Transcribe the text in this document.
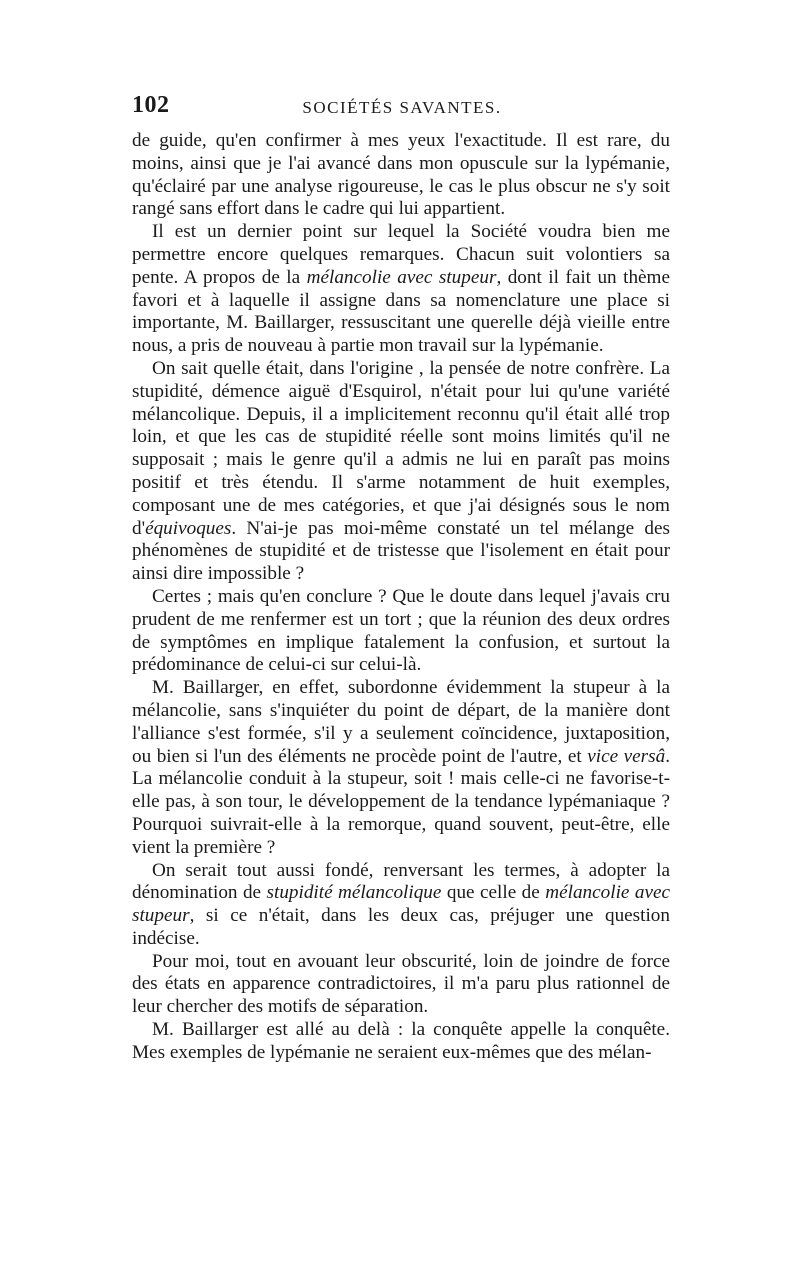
102	SOCIÉTÉS SAVANTES.

de guide, qu'en confirmer à mes yeux l'exactitude. Il est rare, du moins, ainsi que je l'ai avancé dans mon opuscule sur la lypémanie, qu'éclairé par une analyse rigoureuse, le cas le plus obscur ne s'y soit rangé sans effort dans le cadre qui lui appartient.

Il est un dernier point sur lequel la Société voudra bien me permettre encore quelques remarques. Chacun suit volontiers sa pente. A propos de la mélancolie avec stupeur, dont il fait un thème favori et à laquelle il assigne dans sa nomenclature une place si importante, M. Baillarger, ressuscitant une querelle déjà vieille entre nous, a pris de nouveau à partie mon travail sur la lypémanie.

On sait quelle était, dans l'origine , la pensée de notre confrère. La stupidité, démence aiguë d'Esquirol, n'était pour lui qu'une variété mélancolique. Depuis, il a implicitement reconnu qu'il était allé trop loin, et que les cas de stupidité réelle sont moins limités qu'il ne supposait ; mais le genre qu'il a admis ne lui en paraît pas moins positif et très étendu. Il s'arme notamment de huit exemples, composant une de mes catégories, et que j'ai désignés sous le nom d'équivoques. N'ai-je pas moi-même constaté un tel mélange des phénomènes de stupidité et de tristesse que l'isolement en était pour ainsi dire impossible ?

Certes ; mais qu'en conclure ? Que le doute dans lequel j'avais cru prudent de me renfermer est un tort ; que la réunion des deux ordres de symptômes en implique fatalement la confusion, et surtout la prédominance de celui-ci sur celui-là.

M. Baillarger, en effet, subordonne évidemment la stupeur à la mélancolie, sans s'inquiéter du point de départ, de la manière dont l'alliance s'est formée, s'il y a seulement coïncidence, juxtaposition, ou bien si l'un des éléments ne procède point de l'autre, et vice versâ. La mélancolie conduit à la stupeur, soit ! mais celle-ci ne favorise-t-elle pas, à son tour, le développement de la tendance lypémaniaque ? Pourquoi suivrait-elle à la remorque, quand souvent, peut-être, elle vient la première ?

On serait tout aussi fondé, renversant les termes, à adopter la dénomination de stupidité mélancolique que celle de mélancolie avec stupeur, si ce n'était, dans les deux cas, préjuger une question indécise.

Pour moi, tout en avouant leur obscurité, loin de joindre de force des états en apparence contradictoires, il m'a paru plus rationnel de leur chercher des motifs de séparation.

M. Baillarger est allé au delà : la conquête appelle la conquête. Mes exemples de lypémanie ne seraient eux-mêmes que des mélan-
